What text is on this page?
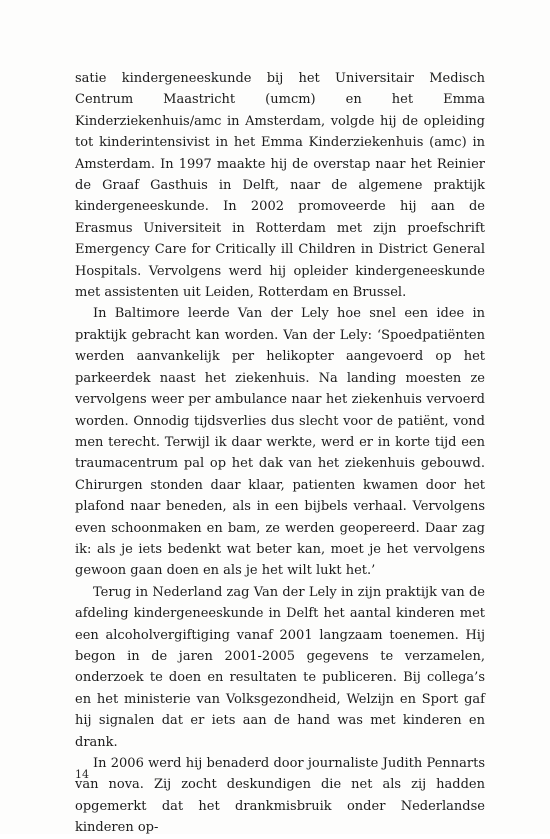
satie kindergeneeskunde bij het Universitair Medisch Centrum Maastricht (umcm) en het Emma Kinderziekenhuis/amc in Amsterdam, volgde hij de opleiding tot kinderintensivist in het Emma Kinderziekenhuis (amc) in Amsterdam. In 1997 maakte hij de overstap naar het Reinier de Graaf Gasthuis in Delft, naar de algemene praktijk kindergeneeskunde. In 2002 promoveerde hij aan de Erasmus Universiteit in Rotterdam met zijn proefschrift Emergency Care for Critically ill Children in District General Hospitals. Vervolgens werd hij opleider kindergeneeskunde met assistenten uit Leiden, Rotterdam en Brussel.

In Baltimore leerde Van der Lely hoe snel een idee in praktijk gebracht kan worden. Van der Lely: ‘Spoedpatiënten werden aanvankelijk per helikopter aangevoerd op het parkeerdek naast het ziekenhuis. Na landing moesten ze vervolgens weer per ambulance naar het ziekenhuis vervoerd worden. Onnodig tijdsverlies dus slecht voor de patiënt, vond men terecht. Terwijl ik daar werkte, werd er in korte tijd een traumacentrum pal op het dak van het ziekenhuis gebouwd. Chirurgen stonden daar klaar, patienten kwamen door het plafond naar beneden, als in een bijbels verhaal. Vervolgens even schoonmaken en bam, ze werden geopereerd. Daar zag ik: als je iets bedenkt wat beter kan, moet je het vervolgens gewoon gaan doen en als je het wilt lukt het.’

Terug in Nederland zag Van der Lely in zijn praktijk van de afdeling kindergeneeskunde in Delft het aantal kinderen met een alcoholvergiftiging vanaf 2001 langzaam toenemen. Hij begon in de jaren 2001-2005 gegevens te verzamelen, onderzoek te doen en resultaten te publiceren. Bij collega’s en het ministerie van Volksgezondheid, Welzijn en Sport gaf hij signalen dat er iets aan de hand was met kinderen en drank.

In 2006 werd hij benaderd door journaliste Judith Pennarts van nova. Zij zocht deskundigen die net als zij hadden opgemerkt dat het drankmisbruik onder Nederlandse kinderen op-

14
